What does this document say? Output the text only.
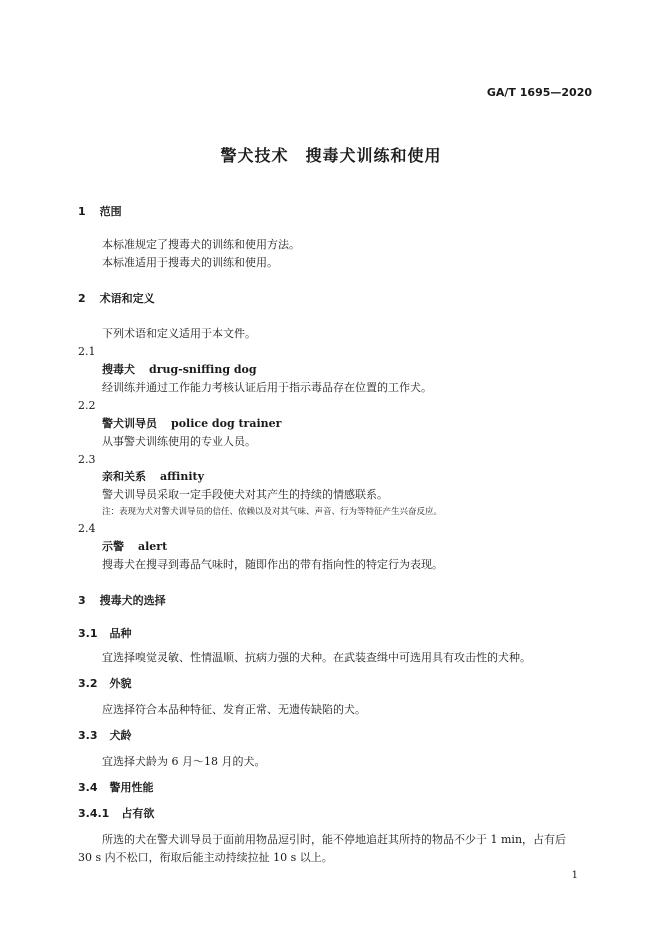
GA/T 1695—2020
警犬技术　搜毒犬训练和使用
1 范围
本标准规定了搜毒犬的训练和使用方法。
本标准适用于搜毒犬的训练和使用。
2 术语和定义
下列术语和定义适用于本文件。
2.1
搜毒犬 drug-sniffing dog
经训练并通过工作能力考核认证后用于指示毒品存在位置的工作犬。
2.2
警犬训导员 police dog trainer
从事警犬训练使用的专业人员。
2.3
亲和关系 affinity
警犬训导员采取一定手段使犬对其产生的持续的情感联系。
注：表现为犬对警犬训导员的信任、依赖以及对其气味、声音、行为等特征产生兴奋反应。
2.4
示警 alert
搜毒犬在搜寻到毒品气味时，随即作出的带有指向性的特定行为表现。
3 搜毒犬的选择
3.1 品种
宜选择嗅觉灵敏、性情温顺、抗病力强的犬种。在武装查缉中可选用具有攻击性的犬种。
3.2 外貌
应选择符合本品种特征、发育正常、无遗传缺陷的犬。
3.3 犬龄
宜选择犬龄为 6 月～18 月的犬。
3.4 警用性能
3.4.1 占有欲
所选的犬在警犬训导员于面前用物品逗引时，能不停地追赶其所持的物品不少于 1 min，占有后
30 s 内不松口，衔取后能主动持续拉扯 10 s 以上。
1
